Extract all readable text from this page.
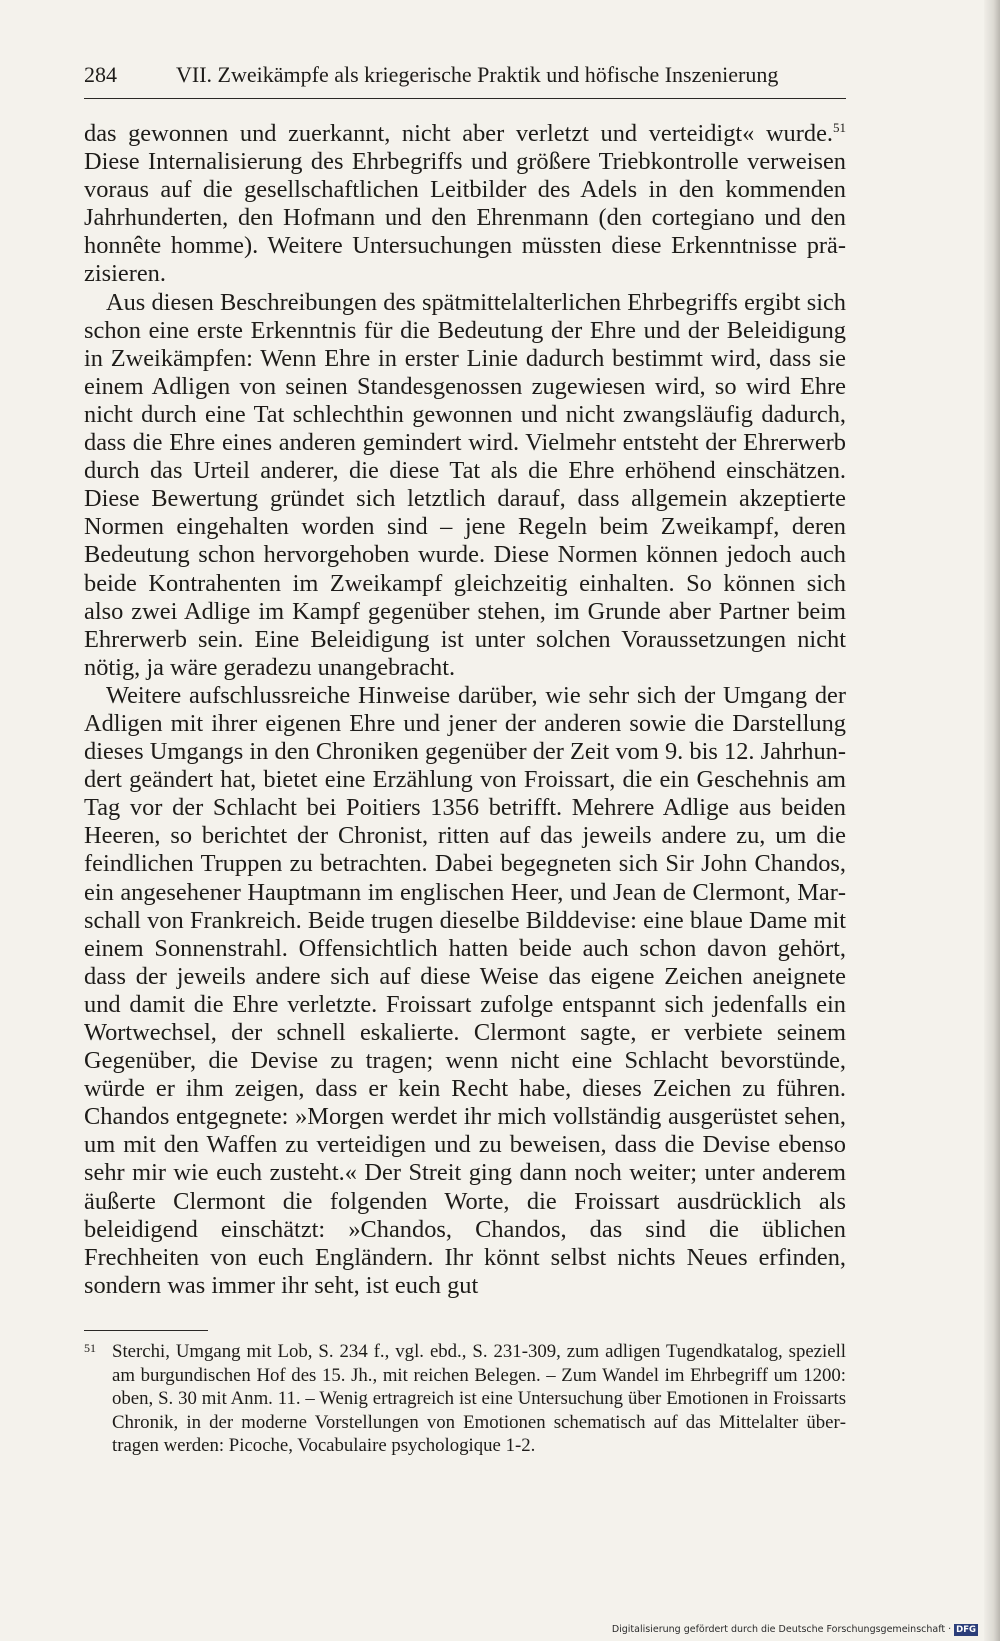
284	VII. Zweikämpfe als kriegerische Praktik und höfische Inszenierung

das gewonnen und zuerkannt, nicht aber verletzt und verteidigt« wurde.$^{51}$ Diese Internalisierung des Ehrbegriffs und größere Triebkontrolle verweisen voraus auf die gesellschaftlichen Leitbilder des Adels in den kommenden Jahrhunderten, den Hofmann und den Ehrenmann (den cortegiano und den honnête homme). Weitere Untersuchungen müssten diese Erkenntnisse präzisieren.

Aus diesen Beschreibungen des spätmittelalterlichen Ehrbegriffs ergibt sich schon eine erste Erkenntnis für die Bedeutung der Ehre und der Beleidigung in Zweikämpfen: Wenn Ehre in erster Linie dadurch bestimmt wird, dass sie einem Adligen von seinen Standesgenossen zugewiesen wird, so wird Ehre nicht durch eine Tat schlechthin gewonnen und nicht zwangsläufig dadurch, dass die Ehre eines anderen gemindert wird. Vielmehr entsteht der Ehrerwerb durch das Urteil anderer, die diese Tat als die Ehre erhöhend einschätzen. Diese Bewertung gründet sich letztlich darauf, dass allgemein akzeptierte Normen eingehalten worden sind – jene Regeln beim Zweikampf, deren Bedeutung schon hervorgehoben wurde. Diese Normen können jedoch auch beide Kontrahenten im Zweikampf gleichzeitig einhalten. So können sich also zwei Adlige im Kampf gegenüber stehen, im Grunde aber Partner beim Ehrerwerb sein. Eine Beleidigung ist unter solchen Voraussetzungen nicht nötig, ja wäre geradezu unangebracht.

Weitere aufschlussreiche Hinweise darüber, wie sehr sich der Umgang der Adligen mit ihrer eigenen Ehre und jener der anderen sowie die Darstellung dieses Umgangs in den Chroniken gegenüber der Zeit vom 9. bis 12. Jahrhundert geändert hat, bietet eine Erzählung von Froissart, die ein Geschehnis am Tag vor der Schlacht bei Poitiers 1356 betrifft. Mehrere Adlige aus beiden Heeren, so berichtet der Chronist, ritten auf das jeweils andere zu, um die feindlichen Truppen zu betrachten. Dabei begegneten sich Sir John Chandos, ein angesehener Hauptmann im englischen Heer, und Jean de Clermont, Marschall von Frankreich. Beide trugen dieselbe Bilddevise: eine blaue Dame mit einem Sonnenstrahl. Offensichtlich hatten beide auch schon davon gehört, dass der jeweils andere sich auf diese Weise das eigene Zeichen aneignete und damit die Ehre verletzte. Froissart zufolge entspannt sich jedenfalls ein Wortwechsel, der schnell eskalierte. Clermont sagte, er verbiete seinem Gegenüber, die Devise zu tragen; wenn nicht eine Schlacht bevorstünde, würde er ihm zeigen, dass er kein Recht habe, dieses Zeichen zu führen. Chandos entgegnete: »Morgen werdet ihr mich vollständig ausgerüstet sehen, um mit den Waffen zu verteidigen und zu beweisen, dass die Devise ebenso sehr mir wie euch zusteht.« Der Streit ging dann noch weiter; unter anderem äußerte Clermont die folgenden Worte, die Froissart ausdrücklich als beleidigend einschätzt: »Chandos, Chandos, das sind die üblichen Frechheiten von euch Engländern. Ihr könnt selbst nichts Neues erfinden, sondern was immer ihr seht, ist euch gut

51 Sterchi, Umgang mit Lob, S. 234 f., vgl. ebd., S. 231-309, zum adligen Tugendkatalog, speziell am burgundischen Hof des 15. Jh., mit reichen Belegen. – Zum Wandel im Ehrbegriff um 1200: oben, S. 30 mit Anm. 11. – Wenig ertragreich ist eine Untersuchung über Emotionen in Froissarts Chronik, in der moderne Vorstellungen von Emotionen schematisch auf das Mittelalter übertragen werden: Picoche, Vocabulaire psychologique 1-2.
Digitalisierung gefördert durch die Deutsche Forschungsgemeinschaft · DFG
